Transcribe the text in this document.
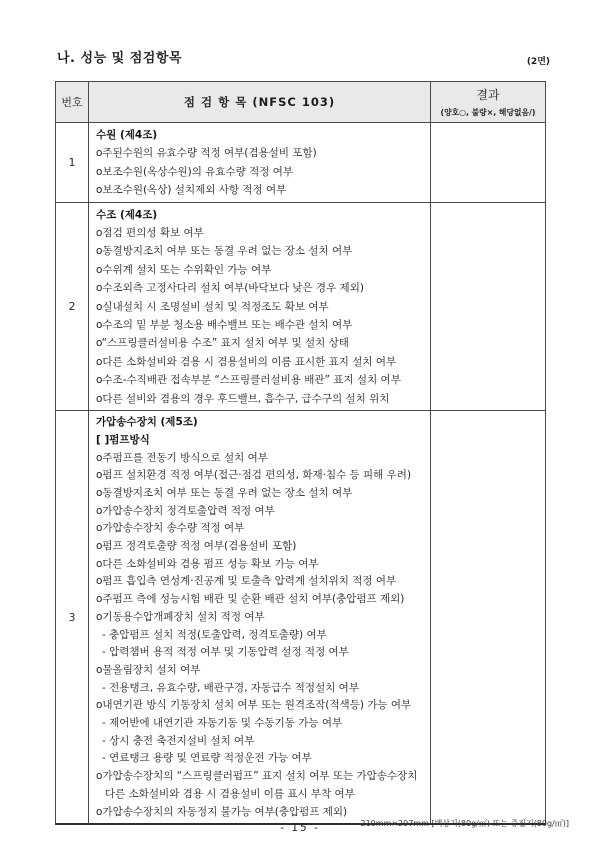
나. 성능 및 점검항목	(2면)
번호	점 검 항 목 (NFSC 103)	결과
(양호○, 불량×, 해당없음/)

1	수원 (제4조)
o주된수원의 유효수량 적정 여부(겸용설비 포함)
o보조수원(옥상수원)의 유효수량 적정 여부
o보조수원(옥상) 설치제외 사항 적정 여부	

2	
수조 (제4조)
o점검 편의성 확보 여부
o동결방지조치 여부 또는 동결 우려 없는 장소 설치 여부
o수위계 설치 또는 수위확인 가능 여부
o수조외측 고정사다리 설치 여부(바닥보다 낮은 경우 제외)
o실내설치 시 조명설비 설치 및 적정조도 확보 여부
o수조의 밑 부분 청소용 배수밸브 또는 배수관 설치 여부
o“스프링클러설비용 수조” 표지 설치 여부 및 설치 상태
o다른 소화설비와 겸용 시 겸용설비의 이름 표시한 표지 설치 여부
o수조-수직배관 접속부분 “스프링클러설비용 배관” 표지 설치 여부
o다른 설비와 겸용의 경우 후드밸브, 흡수구, 급수구의 설치 위치

3	
가압송수장치 (제5조)
[ ]펌프방식
o주펌프를 전동기 방식으로 설치 여부
o펌프 설치환경 적정 여부(접근·점검 편의성, 화재·침수 등 피해 우려)
o동결방지조치 여부 또는 동결 우려 없는 장소 설치 여부
o가압송수장치 정격토출압력 적정 여부
o가압송수장치 송수량 적정 여부
o펌프 정격토출량 적정 여부(겸용설비 포함)
o다른 소화설비와 겸용 펌프 성능 확보 가능 여부
o펌프 흡입측 연성계·진공계 및 토출측 압력계 설치위치 적정 여부
o주펌프 측에 성능시험 배관 및 순환 배관 설치 여부(충압펌프 제외)
o기동용수압개폐장치 설치 적정 여부
- 충압펌프 설치 적정(토출압력, 정격토출량) 여부
- 압력챔버 용적 적정 여부 및 기동압력 설정 적정 여부
o물올림장치 설치 여부
- 전용탱크, 유효수량, 배관구경, 자동급수 적정설치 여부
o내연기관 방식 기동장치 설치 여부 또는 원격조작(적색등) 가능 여부
- 제어반에 내연기관 자동기동 및 수동기동 가능 여부
- 상시 충전 축전지설비 설치 여부
- 연료탱크 용량 및 연료량 적정운전 가능 여부
o가압송수장치의 “스프링클러펌프” 표지 설치 여부 또는 가압송수장치
다른 소화설비와 겸용 시 겸용설비 이름 표시 부착 여부
o가압송수장치의 자동정지 불가능 여부(충압펌프 제외)

210mm×297mm [백상지(80g/㎡) 또는 중질지(80g/㎡)]
- 15 -
